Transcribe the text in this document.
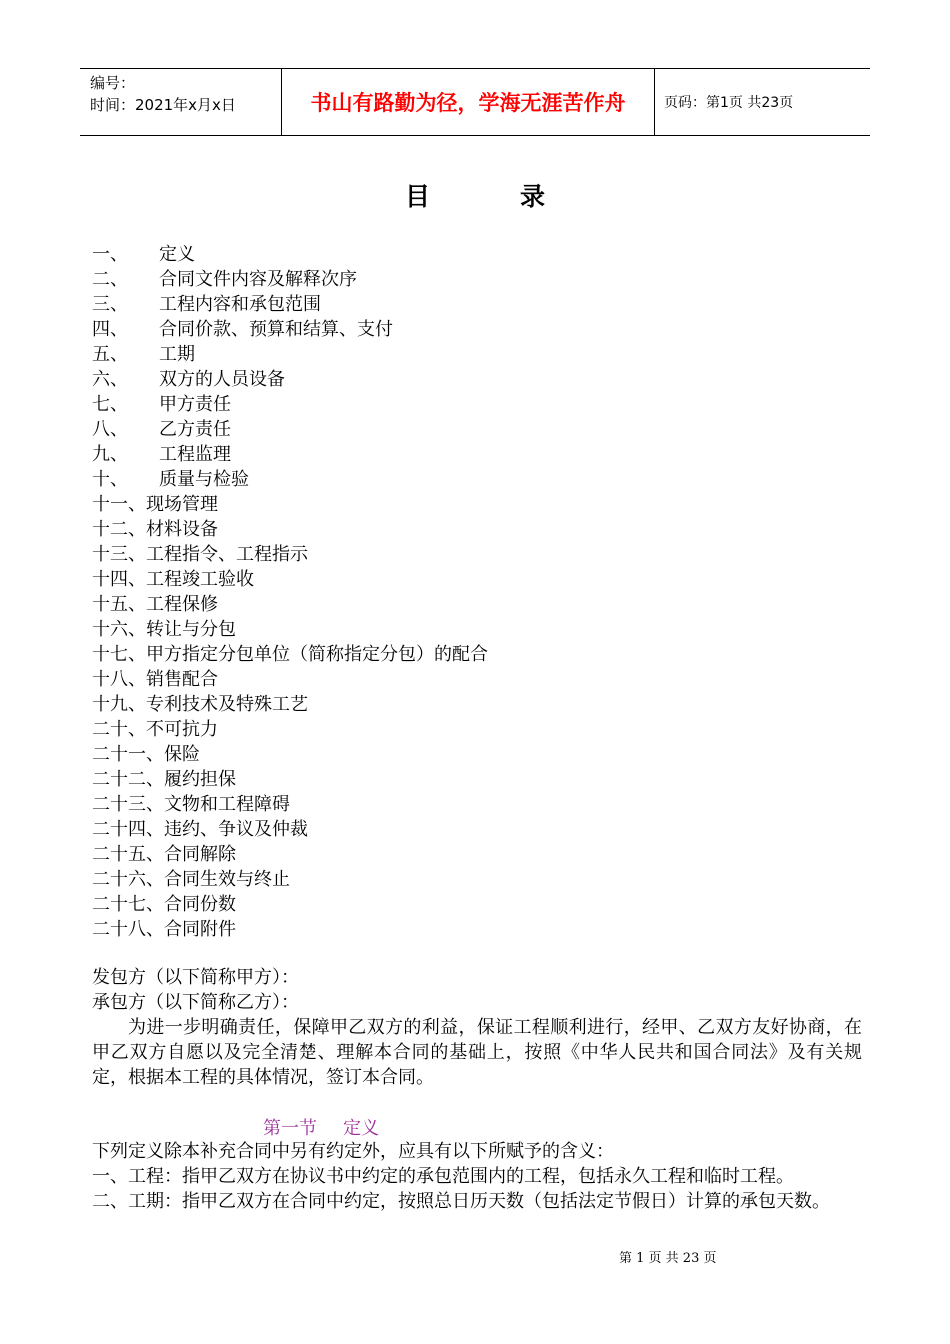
编号：
时间：2021年x月x日	书山有路勤为径，学海无涯苦作舟	页码：第1页 共23页
目	录
一、 定义
二、 合同文件内容及解释次序
三、 工程内容和承包范围
四、 合同价款、预算和结算、支付
五、 工期
六、 双方的人员设备
七、 甲方责任
八、 乙方责任
九、 工程监理
十、 质量与检验
十一、现场管理
十二、材料设备
十三、工程指令、工程指示
十四、工程竣工验收
十五、工程保修
十六、转让与分包
十七、甲方指定分包单位（简称指定分包）的配合
十八、销售配合
十九、专利技术及特殊工艺
二十、不可抗力
二十一、保险
二十二、履约担保
二十三、文物和工程障碍
二十四、违约、争议及仲裁
二十五、合同解除
二十六、合同生效与终止
二十七、合同份数
二十八、合同附件

发包方（以下简称甲方）：

承包方（以下简称乙方）：

为进一步明确责任，保障甲乙双方的利益，保证工程顺利进行，经甲、乙双方友好协商，在甲乙双方自愿以及完全清楚、理解本合同的基础上，按照《中华人民共和国合同法》及有关规定，根据本工程的具体情况，签订本合同。

第一节 定义

下列定义除本补充合同中另有约定外，应具有以下所赋予的含义：

一、工程：指甲乙双方在协议书中约定的承包范围内的工程，包括永久工程和临时工程。

二、工期：指甲乙双方在合同中约定，按照总日历天数（包括法定节假日）计算的承包天数。

第 1 页 共 23 页
